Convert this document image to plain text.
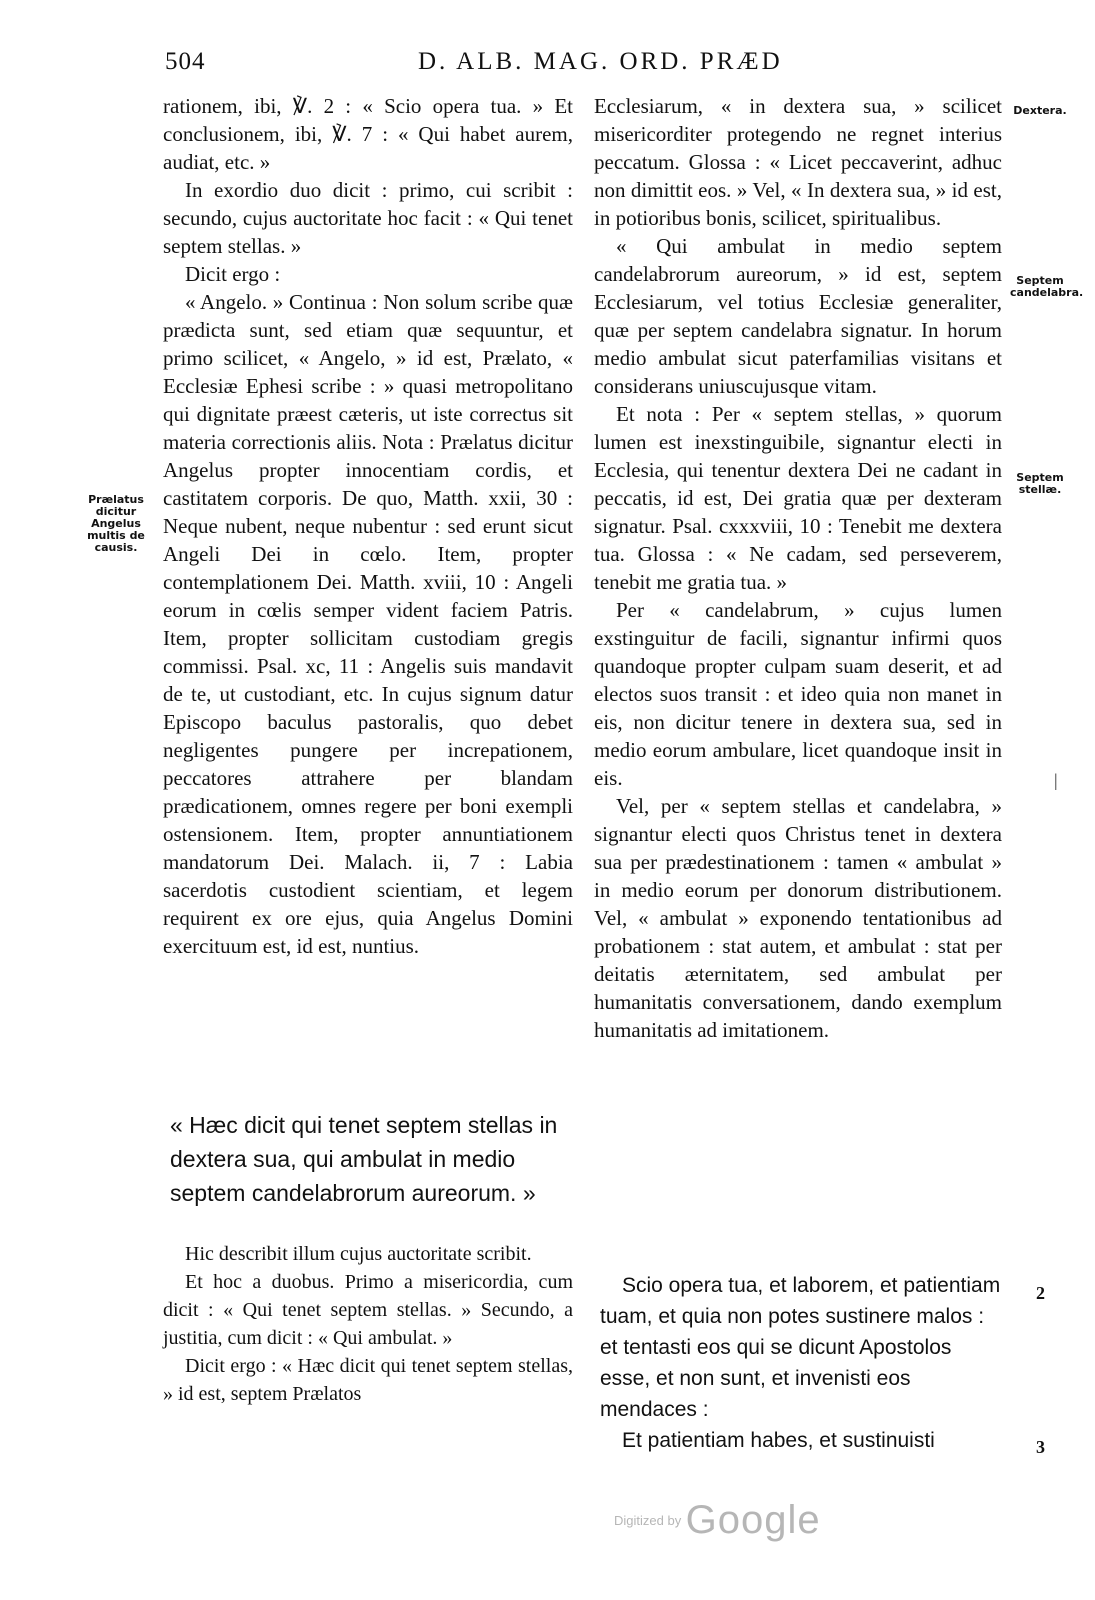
504	D. ALB. MAG. ORD. PRÆD

rationem, ibi, ℣. 2 : « Scio opera tua. » Et conclusionem, ibi, ℣. 7 : « Qui habet aurem, audiat, etc. »

In exordio duo dicit : primo, cui scribit : secundo, cujus auctoritate hoc facit : « Qui tenet septem stellas. »

Dicit ergo :

« Angelo. » Continua : Non solum scribe quæ prædicta sunt, sed etiam quæ sequuntur, et primo scilicet, « Angelo, » id est, Prælato, « Ecclesiæ Ephesi scribe : » quasi metropolitano qui dignitate præest cæteris, ut iste correctus sit materia correctionis aliis. Nota : Prælatus dicitur Angelus propter innocentiam cordis, et castitatem corporis. De quo, Matth. xxii, 30 : Neque nubent, neque nubentur : sed erunt sicut Angeli Dei in cœlo. Item, propter contemplationem Dei. Matth. xviii, 10 : Angeli eorum in cœlis semper vident faciem Patris. Item, propter sollicitam custodiam gregis commissi. Psal. xc, 11 : Angelis suis mandavit de te, ut custodiant, etc. In cujus signum datur Episcopo baculus pastoralis, quo debet negligentes pungere per increpationem, peccatores attrahere per blandam prædicationem, omnes regere per boni exempli ostensionem. Item, propter annuntiationem mandatorum Dei. Malach. ii, 7 : Labia sacerdotis custodient scientiam, et legem requirent ex ore ejus, quia Angelus Domini exercituum est, id est, nuntius.

« Hæc dicit qui tenet septem stellas in dextera sua, qui ambulat in medio septem candelabrorum aureorum. »

Hic describit illum cujus auctoritate scribit.

Et hoc a duobus. Primo a misericordia, cum dicit : « Qui tenet septem stellas. » Secundo, a justitia, cum dicit : « Qui ambulat. »

Dicit ergo : « Hæc dicit qui tenet septem stellas, » id est, septem Prælatos

Ecclesiarum, « in dextera sua, » scilicet misericorditer protegendo ne regnet interius peccatum. Glossa : « Licet peccaverint, adhuc non dimittit eos. » Vel, « In dextera sua, » id est, in potioribus bonis, scilicet, spiritualibus.

« Qui ambulat in medio septem candelabrorum aureorum, » id est, septem Ecclesiarum, vel totius Ecclesiæ generaliter, quæ per septem candelabra signatur. In horum medio ambulat sicut paterfamilias visitans et considerans uniuscujusque vitam.

Et nota : Per « septem stellas, » quorum lumen est inexstinguibile, signantur electi in Ecclesia, qui tenentur dextera Dei ne cadant in peccatis, id est, Dei gratia quæ per dexteram signatur. Psal. cxxxviii, 10 : Tenebit me dextera tua. Glossa : « Ne cadam, sed perseverem, tenebit me gratia tua. »

Per « candelabrum, » cujus lumen exstinguitur de facili, signantur infirmi quos quandoque propter culpam suam deserit, et ad electos suos transit : et ideo quia non manet in eis, non dicitur tenere in dextera sua, sed in medio eorum ambulare, licet quandoque insit in eis.

Vel, per « septem stellas et candelabra, » signantur electi quos Christus tenet in dextera sua per prædestinationem : tamen « ambulat » in medio eorum per donorum distributionem. Vel, « ambulat » exponendo tentationibus ad probationem : stat autem, et ambulat : stat per deitatis æternitatem, sed ambulat per humanitatis conversationem, dando exemplum humanitatis ad imitationem.

Scio opera tua, et laborem, et patientiam tuam, et quia non potes sustinere malos : et tentasti eos qui se dicunt Apostolos esse, et non sunt, et invenisti eos mendaces :

Et patientiam habes, et sustinuisti

Dextera.
Septem candelabra.
Septem stellæ.
Prælatus dicitur Angelus multis de causis.
|
2
3
Digitized by Google
